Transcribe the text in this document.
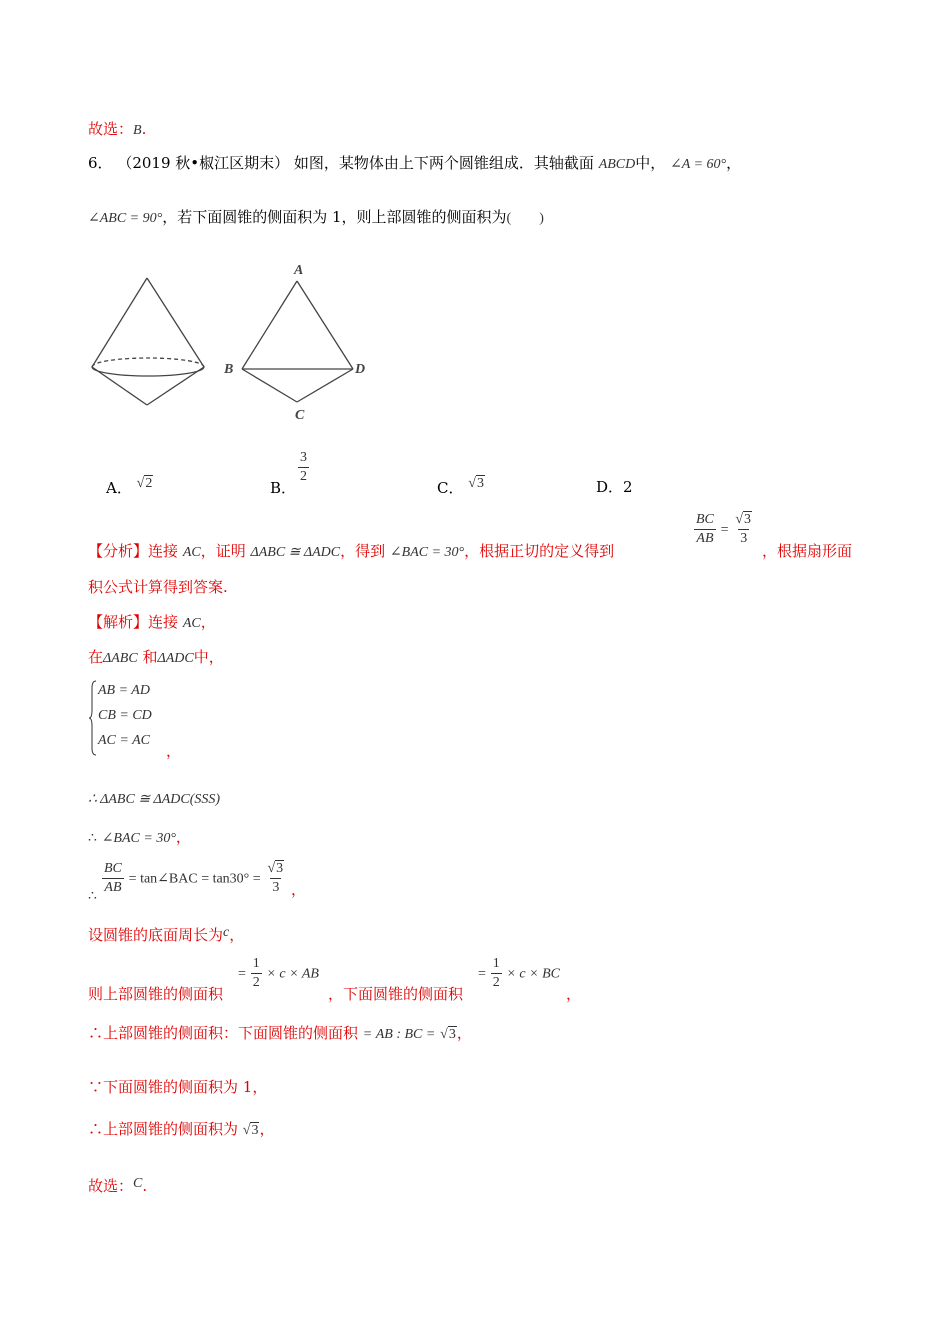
故选：B.
6． （2019 秋•椒江区期末） 如图，某物体由上下两个圆锥组成．其轴截面 ABCD中， ∠A = 60°，
∠ABC = 90°，若下面圆锥的侧面积为 1，则上部圆锥的侧面积为(　　)
A
B	D
C
A． √2	B．
$\frac{3}{2}$
C． √3	D．2
【分析】连接 AC，证明 ΔABC ≅ ΔADC，得到 ∠BAC = 30°，根据正切的定义得到
$\frac{BC}{AB} = \frac{√3}{3}$
，根据扇形面
积公式计算得到答案.
【解析】连接 AC，
在ΔABC 和ΔADC中，
AB = AD
CB = CD
AC = AC
，
∴ ΔABC ≅ ΔADC(SSS)
∴ ∠BAC = 30°，
∴
$\frac{BC}{AB}$ = tan∠BAC = $\tan 30^\circ = \frac{√3}{3}$ ，
设圆锥的底面周长为c，
则上部圆锥的侧面积
= $\frac{1}{2} \times c$ × AB
，下面圆锥的侧面积
= $\frac{1}{2} \times c$ × BC
，
∴上部圆锥的侧面积：下面圆锥的侧面积 = AB : BC = √3，
∵下面圆锥的侧面积为 1，
∴上部圆锥的侧面积为 √3，
故选：C.
